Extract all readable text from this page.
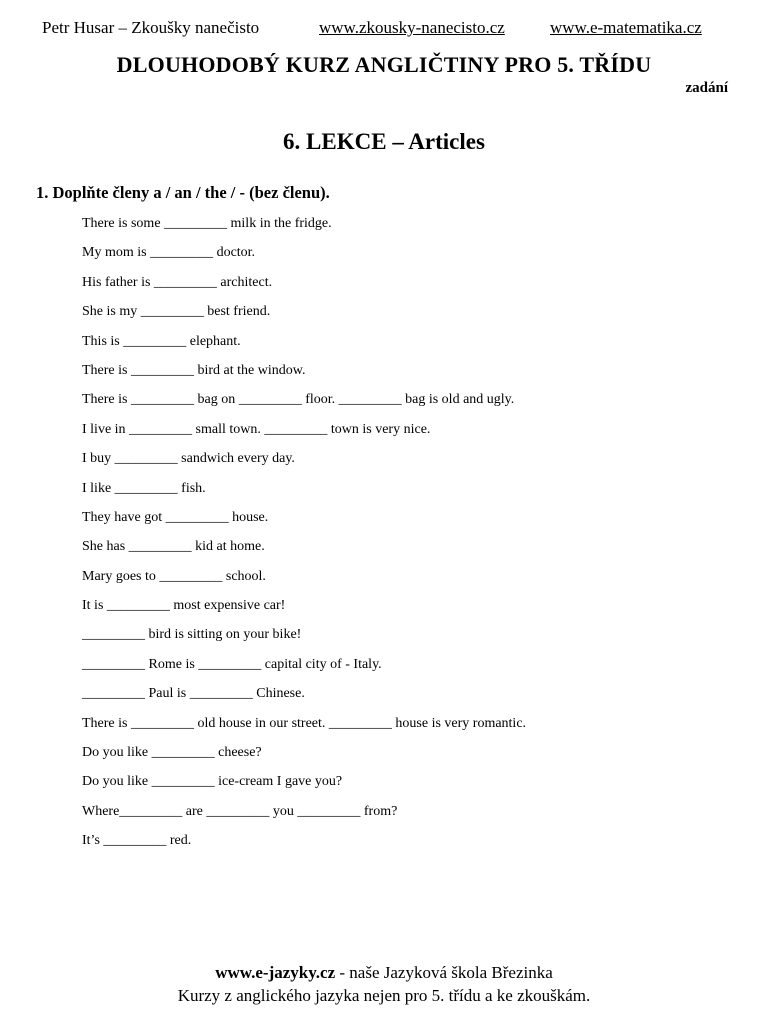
Petr Husar – Zkoušky nanečisto	www.zkousky-nanecisto.cz	www.e-matematika.cz
DLOUHODOBÝ KURZ ANGLIČTINY PRO 5. TŘÍDU
zadání
6. LEKCE – Articles
1. Doplňte členy a / an / the / - (bez členu).
There is some _________ milk in the fridge.
My mom is _________ doctor.
His father is _________ architect.
She is my _________ best friend.
This is _________ elephant.
There is _________ bird at the window.
There is _________ bag on _________ floor. _________ bag is old and ugly.
I live in _________ small town. _________ town is very nice.
I buy _________ sandwich every day.
I like _________ fish.
They have got _________ house.
She has _________ kid at home.
Mary goes to _________ school.
It is _________ most expensive car!
_________ bird is sitting on your bike!
_________ Rome is _________ capital city of - Italy.
_________ Paul is _________ Chinese.
There is _________ old house in our street. _________ house is very romantic.
Do you like _________ cheese?
Do you like _________ ice-cream I gave you?
Where_________ are _________ you _________ from?
It’s _________ red.
www.e-jazyky.cz - naše Jazyková škola Březinka
Kurzy z anglického jazyka nejen pro 5. třídu a ke zkouškám.
